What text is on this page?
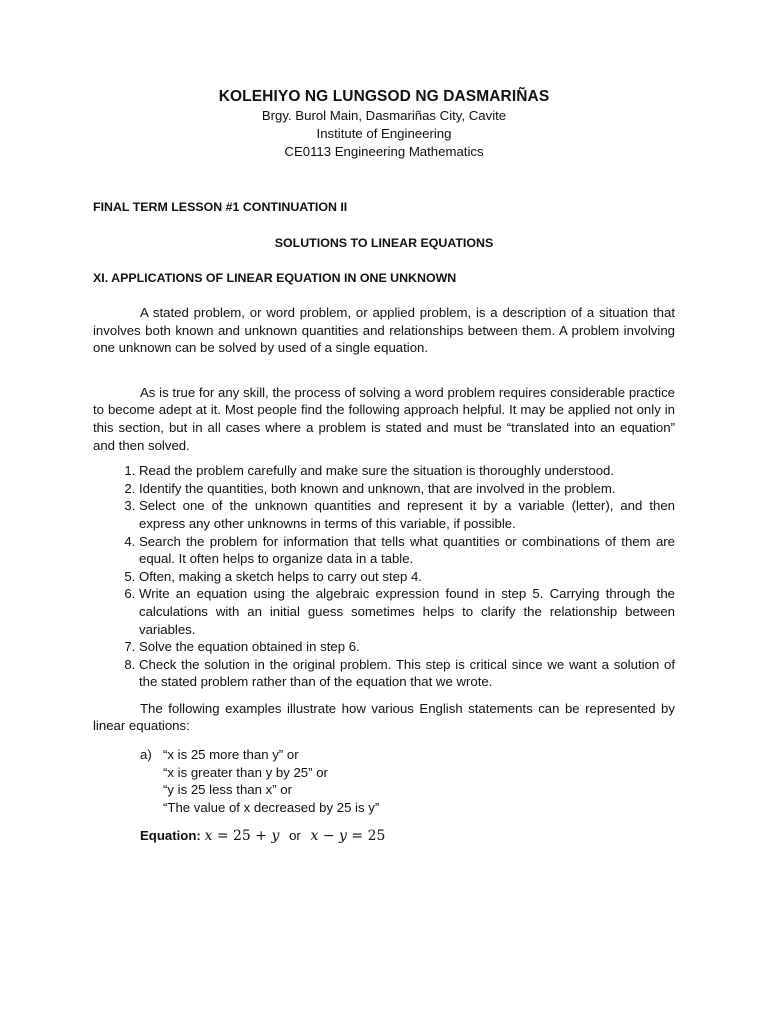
KOLEHIYO NG LUNGSOD NG DASMARIÑAS
Brgy. Burol Main, Dasmariñas City, Cavite
Institute of Engineering
CE0113 Engineering Mathematics
FINAL TERM LESSON #1 CONTINUATION II
SOLUTIONS TO LINEAR EQUATIONS
XI. APPLICATIONS OF LINEAR EQUATION IN ONE UNKNOWN

A stated problem, or word problem, or applied problem, is a description of a situation that involves both known and unknown quantities and relationships between them. A problem involving one unknown can be solved by used of a single equation.

As is true for any skill, the process of solving a word problem requires considerable practice to become adept at it. Most people find the following approach helpful. It may be applied not only in this section, but in all cases where a problem is stated and must be “translated into an equation” and then solved.

1. Read the problem carefully and make sure the situation is thoroughly understood.
2. Identify the quantities, both known and unknown, that are involved in the problem.
3. Select one of the unknown quantities and represent it by a variable (letter), and then express any other unknowns in terms of this variable, if possible.
4. Search the problem for information that tells what quantities or combinations of them are equal. It often helps to organize data in a table.
5. Often, making a sketch helps to carry out step 4.
6. Write an equation using the algebraic expression found in step 5. Carrying through the calculations with an initial guess sometimes helps to clarify the relationship between variables.
7. Solve the equation obtained in step 6.
8. Check the solution in the original problem. This step is critical since we want a solution of the stated problem rather than of the equation that we wrote.

The following examples illustrate how various English statements can be represented by linear equations:

a) “x is 25 more than y” or
“x is greater than y by 25” or
“y is 25 less than x” or
“The value of x decreased by 25 is y”
Equation: x = 25 + y or x − y = 25
